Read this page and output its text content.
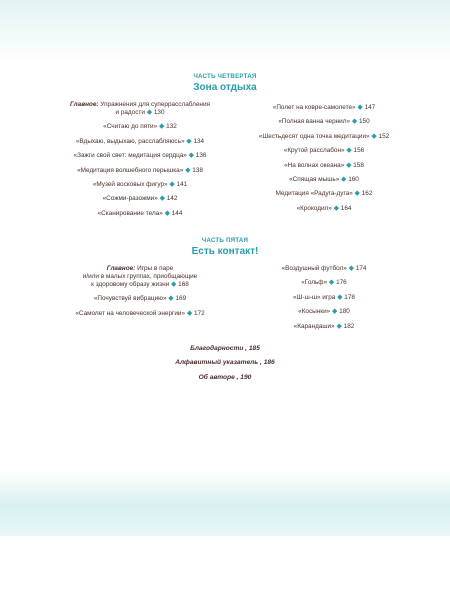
ЧАСТЬ ЧЕТВЕРТАЯ
Зона отдыха
Главное: Упражнения для суперрасслабления
и радости ◆ 130
«Считаю до пяти» ◆ 132
«Вдыхаю, выдыхаю, расслабляюсь» ◆ 134
«Зажги свой свет: медитация сердца» ◆ 136
«Медитация волшебного перышка» ◆ 138
«Музей восковых фигур» ◆ 141
«Сожми-разожми» ◆ 142
«Сканирование тела» ◆ 144
«Полет на ковре-самолете» ◆ 147
«Полная ванна чернил» ◆ 150
«Шестьдесят одна точка медитации» ◆ 152
«Крутой расслабон» ◆ 156
«На волнах океана» ◆ 158
«Спящая мышь» ◆ 160
Медитация «Радуга-дуга» ◆ 162
«Крокодил» ◆ 164
ЧАСТЬ ПЯТАЯ
Есть контакт!
Главное: Игры в паре
и/или в малых группах, приобщающие
к здоровому образу жизни ◆ 168
«Почувствуй вибрацию» ◆ 169
«Самолет на человеческой энергии» ◆ 172
«Воздушный футбол» ◆ 174
«Гольф» ◆ 176
«Ш-ш-ш» игра ◆ 178
«Косынки» ◆ 180
«Карандаши» ◆ 182
Благодарности , 185
Алфавитный указатель , 186
Об авторе , 190
